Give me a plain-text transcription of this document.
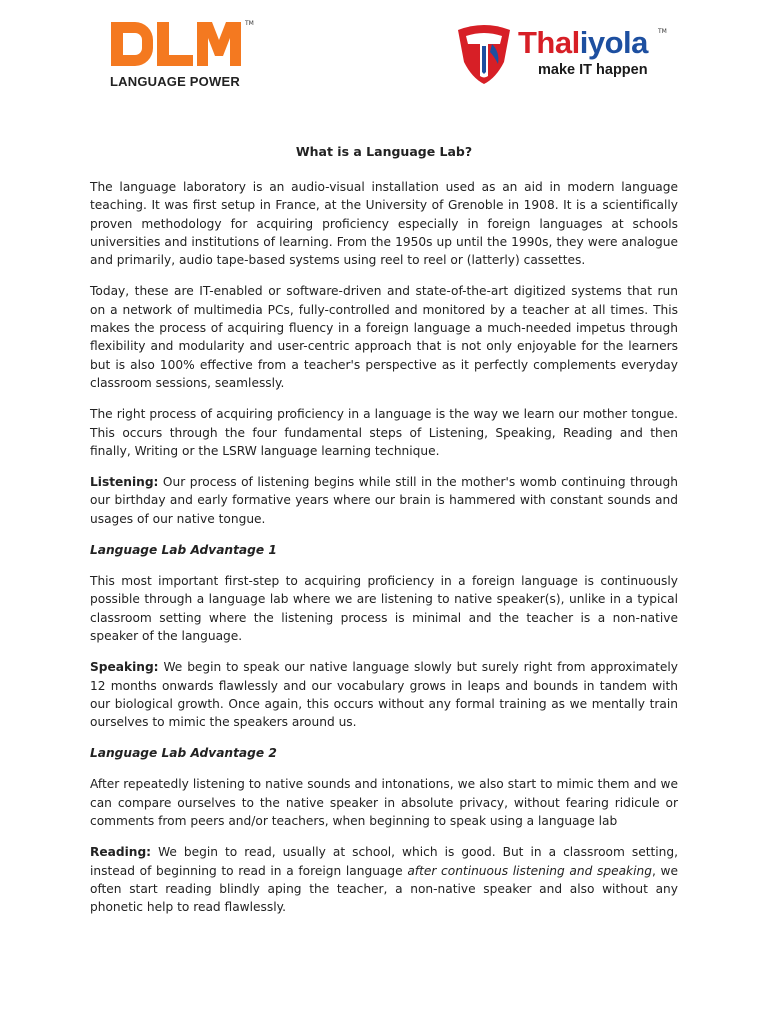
TM
LANGUAGE POWER
Thaliyola TM
make IT happen
What is a Language Lab?

The language laboratory is an audio-visual installation used as an aid in modern language teaching. It was first setup in France, at the University of Grenoble in 1908. It is a scientifically proven methodology for acquiring proficiency especially in foreign languages at schools universities and institutions of learning. From the 1950s up until the 1990s, they were analogue and primarily, audio tape-based systems using reel to reel or (latterly) cassettes.

Today, these are IT-enabled or software-driven and state-of-the-art digitized systems that run on a network of multimedia PCs, fully-controlled and monitored by a teacher at all times. This makes the process of acquiring fluency in a foreign language a much-needed impetus through flexibility and modularity and user-centric approach that is not only enjoyable for the learners but is also 100% effective from a teacher's perspective as it perfectly complements everyday classroom sessions, seamlessly.

The right process of acquiring proficiency in a language is the way we learn our mother tongue. This occurs through the four fundamental steps of Listening, Speaking, Reading and then finally, Writing or the LSRW language learning technique.

Listening: Our process of listening begins while still in the mother's womb continuing through our birthday and early formative years where our brain is hammered with constant sounds and usages of our native tongue.

Language Lab Advantage 1

This most important first-step to acquiring proficiency in a foreign language is continuously possible through a language lab where we are listening to native speaker(s), unlike in a typical classroom setting where the listening process is minimal and the teacher is a non-native speaker of the language.

Speaking: We begin to speak our native language slowly but surely right from approximately 12 months onwards flawlessly and our vocabulary grows in leaps and bounds in tandem with our biological growth. Once again, this occurs without any formal training as we mentally train ourselves to mimic the speakers around us.

Language Lab Advantage 2

After repeatedly listening to native sounds and intonations, we also start to mimic them and we can compare ourselves to the native speaker in absolute privacy, without fearing ridicule or comments from peers and/or teachers, when beginning to speak using a language lab

Reading: We begin to read, usually at school, which is good. But in a classroom setting, instead of beginning to read in a foreign language after continuous listening and speaking, we often start reading blindly aping the teacher, a non-native speaker and also without any phonetic help to read flawlessly.
